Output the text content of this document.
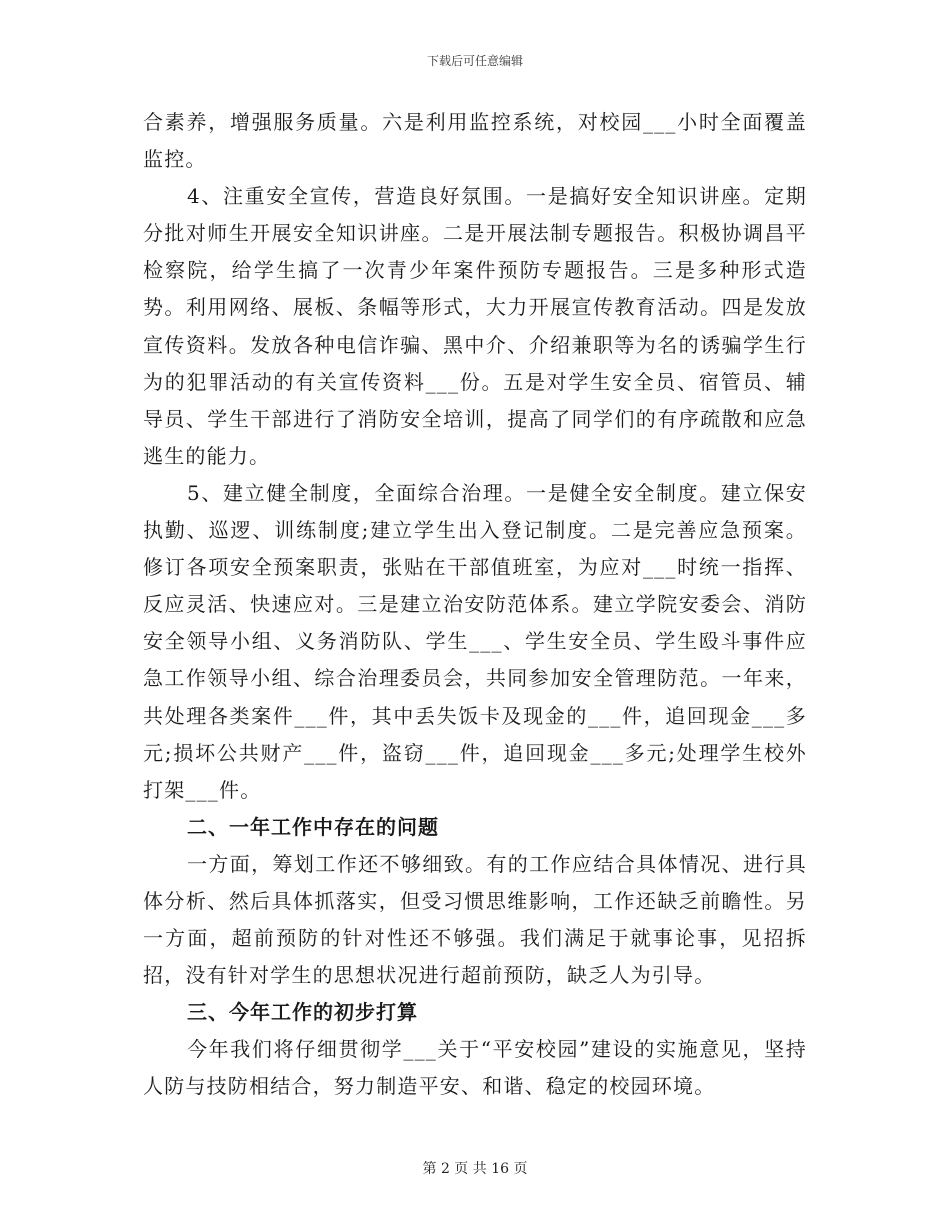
下载后可任意编辑

合素养，增强服务质量。六是利用监控系统，对校园___小时全面覆盖监控。

4、注重安全宣传，营造良好氛围。一是搞好安全知识讲座。定期分批对师生开展安全知识讲座。二是开展法制专题报告。积极协调昌平检察院，给学生搞了一次青少年案件预防专题报告。三是多种形式造势。利用网络、展板、条幅等形式，大力开展宣传教育活动。四是发放宣传资料。发放各种电信诈骗、黑中介、介绍兼职等为名的诱骗学生行为的犯罪活动的有关宣传资料___份。五是对学生安全员、宿管员、辅导员、学生干部进行了消防安全培训，提高了同学们的有序疏散和应急逃生的能力。

5、建立健全制度，全面综合治理。一是健全安全制度。建立保安执勤、巡逻、训练制度;建立学生出入登记制度。二是完善应急预案。修订各项安全预案职责，张贴在干部值班室，为应对___时统一指挥、反应灵活、快速应对。三是建立治安防范体系。建立学院安委会、消防安全领导小组、义务消防队、学生___、学生安全员、学生殴斗事件应急工作领导小组、综合治理委员会，共同参加安全管理防范。一年来，共处理各类案件___件，其中丢失饭卡及现金的___件，追回现金___多元;损坏公共财产___件，盗窃___件，追回现金___多元;处理学生校外打架___件。

二、一年工作中存在的问题

一方面，筹划工作还不够细致。有的工作应结合具体情况、进行具体分析、然后具体抓落实，但受习惯思维影响，工作还缺乏前瞻性。另一方面，超前预防的针对性还不够强。我们满足于就事论事，见招拆招，没有针对学生的思想状况进行超前预防，缺乏人为引导。

三、今年工作的初步打算

今年我们将仔细贯彻学___关于“平安校园”建设的实施意见，坚持人防与技防相结合，努力制造平安、和谐、稳定的校园环境。

第 2 页 共 16 页
